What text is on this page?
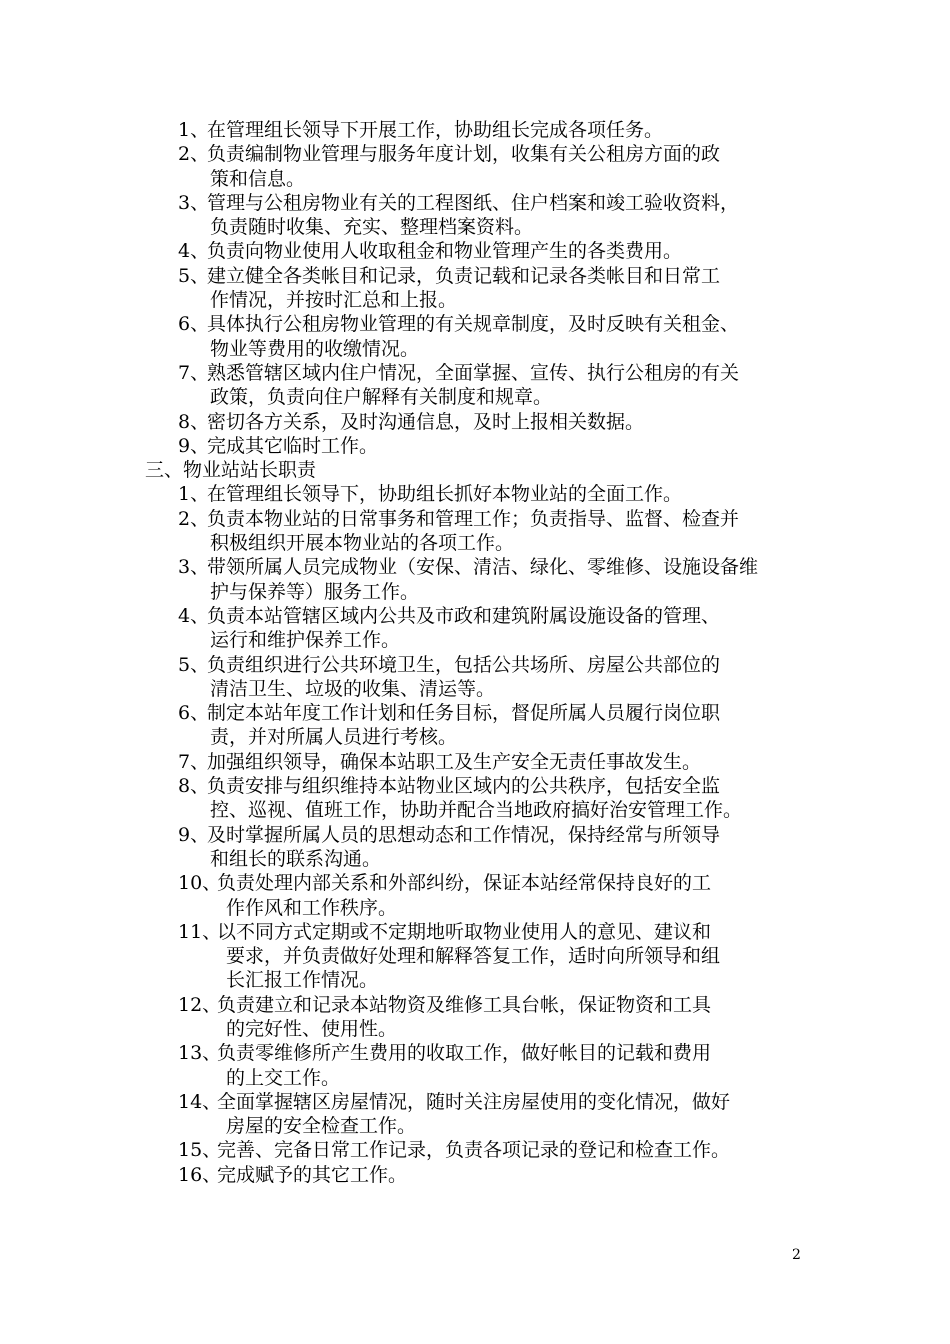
1、
在管理组长领导下开展工作，协助组长完成各项任务。
2、
负责编制物业管理与服务年度计划，收集有关公租房方面的政
策和信息。
3、
管理与公租房物业有关的工程图纸、住户档案和竣工验收资料，
负责随时收集、充实、整理档案资料。
4、
负责向物业使用人收取租金和物业管理产生的各类费用。
5、
建立健全各类帐目和记录，负责记载和记录各类帐目和日常工
作情况，并按时汇总和上报。
6、
具体执行公租房物业管理的有关规章制度，及时反映有关租金、
物业等费用的收缴情况。
7、
熟悉管辖区域内住户情况，全面掌握、宣传、执行公租房的有关
政策，负责向住户解释有关制度和规章。
8、
密切各方关系，及时沟通信息，及时上报相关数据。
9、
完成其它临时工作。
三、物业站站长职责
1、
在管理组长领导下，协助组长抓好本物业站的全面工作。
2、
负责本物业站的日常事务和管理工作；负责指导、监督、检查并
积极组织开展本物业站的各项工作。
3、
带领所属人员完成物业（安保、清洁、绿化、零维修、设施设备维
护与保养等）服务工作。
4、
负责本站管辖区域内公共及市政和建筑附属设施设备的管理、
运行和维护保养工作。
5、
负责组织进行公共环境卫生，包括公共场所、房屋公共部位的
清洁卫生、垃圾的收集、清运等。
6、
制定本站年度工作计划和任务目标，督促所属人员履行岗位职
责，并对所属人员进行考核。
7、
加强组织领导，确保本站职工及生产安全无责任事故发生。
8、
负责安排与组织维持本站物业区域内的公共秩序，包括安全监
控、巡视、值班工作，协助并配合当地政府搞好治安管理工作。
9、
及时掌握所属人员的思想动态和工作情况，保持经常与所领导
和组长的联系沟通。
10、
负责处理内部关系和外部纠纷，保证本站经常保持良好的工
作作风和工作秩序。
11、
以不同方式定期或不定期地听取物业使用人的意见、建议和
要求，并负责做好处理和解释答复工作，适时向所领导和组
长汇报工作情况。
12、
负责建立和记录本站物资及维修工具台帐，保证物资和工具
的完好性、使用性。
13、
负责零维修所产生费用的收取工作，做好帐目的记载和费用
的上交工作。
14、
全面掌握辖区房屋情况，随时关注房屋使用的变化情况，做好
房屋的安全检查工作。
15、
完善、完备日常工作记录，负责各项记录的登记和检查工作。
16、
完成赋予的其它工作。
2
